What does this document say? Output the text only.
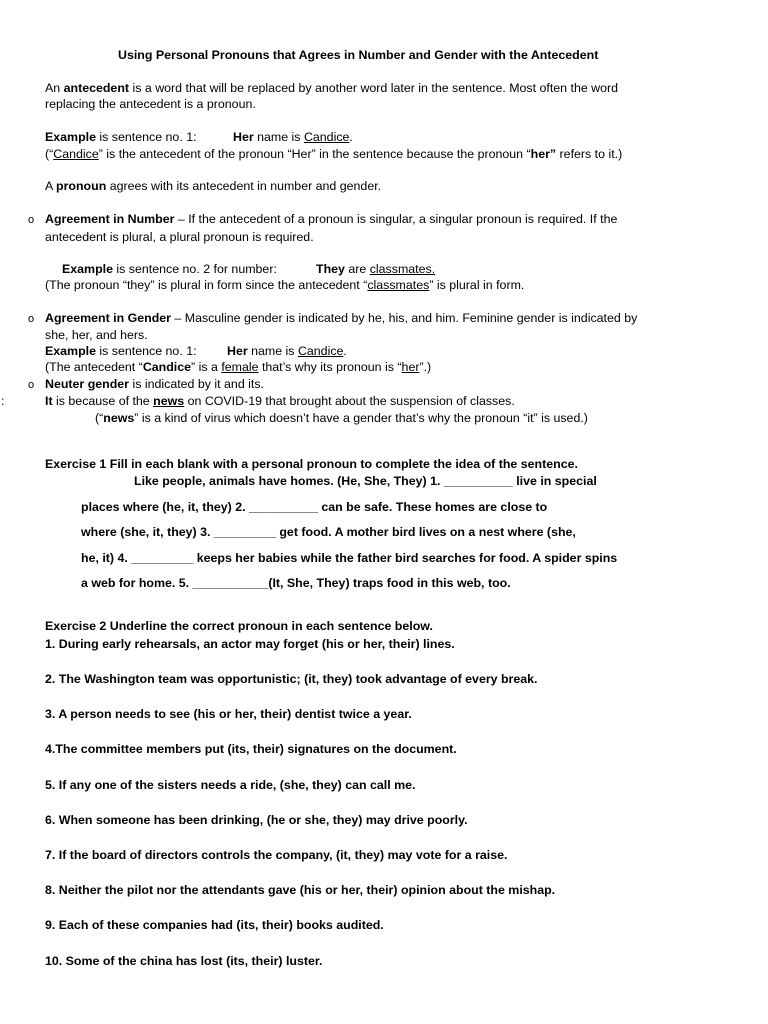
Using Personal Pronouns that Agrees in Number and Gender with the Antecedent
An antecedent is a word that will be replaced by another word later in the sentence. Most often the word
replacing the antecedent is a pronoun.
Example is sentence no. 1:	Her name is Candice.
(“Candice” is the antecedent of the pronoun “Her” in the sentence because the pronoun “her” refers to it.)
A pronoun agrees with its antecedent in number and gender.
o Agreement in Number – If the antecedent of a pronoun is singular, a singular pronoun is required. If the
antecedent is plural, a plural pronoun is required.
Example is sentence no. 2 for number:	They are classmates.
(The pronoun “they” is plural in form since the antecedent “classmates” is plural in form.
o Agreement in Gender – Masculine gender is indicated by he, his, and him. Feminine gender is indicated by
she, her, and hers.
Example is sentence no. 1: Her name is Candice.
(The antecedent “Candice” is a female that’s why its pronoun is “her”.)
o Neuter gender is indicated by it and its.
:	It is because of the news on COVID-19 that brought about the suspension of classes.
(“news” is a kind of virus which doesn’t have a gender that’s why the pronoun “it” is used.)
Exercise 1 Fill in each blank with a personal pronoun to complete the idea of the sentence.
Like people, animals have homes. (He, She, They) 1. __________ live in special
places where (he, it, they) 2. __________ can be safe. These homes are close to
where (she, it, they) 3. _________ get food. A mother bird lives on a nest where (she,
he, it) 4. _________ keeps her babies while the father bird searches for food. A spider spins
a web for home. 5. ___________(It, She, They) traps food in this web, too.
Exercise 2 Underline the correct pronoun in each sentence below.
1. During early rehearsals, an actor may forget (his or her, their) lines.
2. The Washington team was opportunistic; (it, they) took advantage of every break.
3. A person needs to see (his or her, their) dentist twice a year.
4.The committee members put (its, their) signatures on the document.
5. If any one of the sisters needs a ride, (she, they) can call me.
6. When someone has been drinking, (he or she, they) may drive poorly.
7. If the board of directors controls the company, (it, they) may vote for a raise.
8. Neither the pilot nor the attendants gave (his or her, their) opinion about the mishap.
9. Each of these companies had (its, their) books audited.
10. Some of the china has lost (its, their) luster.
